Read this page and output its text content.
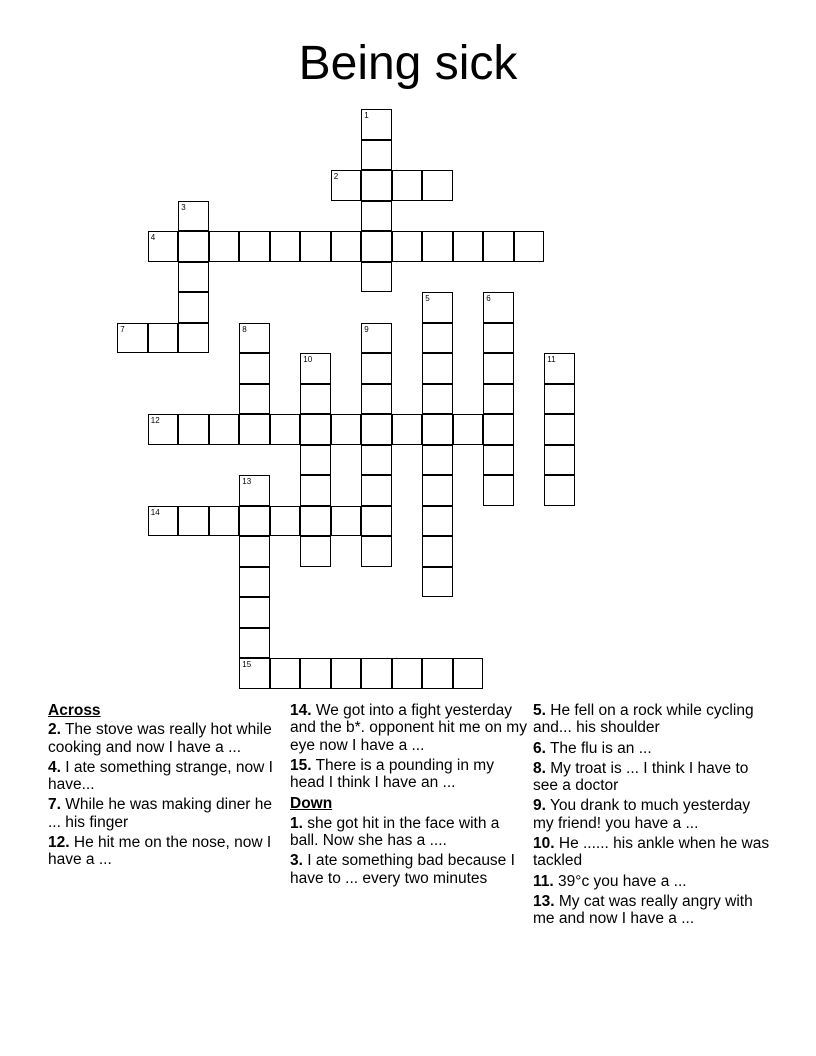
Being sick
1
2
3
4
5	6
7	8	9
10	11
12
13
14
15
Across
2. The stove was really hot while cooking and now I have a ...
4. I ate something strange, now I have...
7. While he was making diner he ... his finger
12. He hit me on the nose, now I have a ...
14. We got into a fight yesterday and the b*. opponent hit me on my eye now I have a ...
15. There is a pounding in my head I think I have an ...
Down
1. she got hit in the face with a ball. Now she has a ....
3. I ate something bad because I have to ... every two minutes
5. He fell on a rock while cycling and... his shoulder
6. The flu is an ...
8. My troat is ... I think I have to see a doctor
9. You drank to much yesterday my friend! you have a ...
10. He ...... his ankle when he was tackled
11. 39°c you have a ...
13. My cat was really angry with me and now I have a ...
